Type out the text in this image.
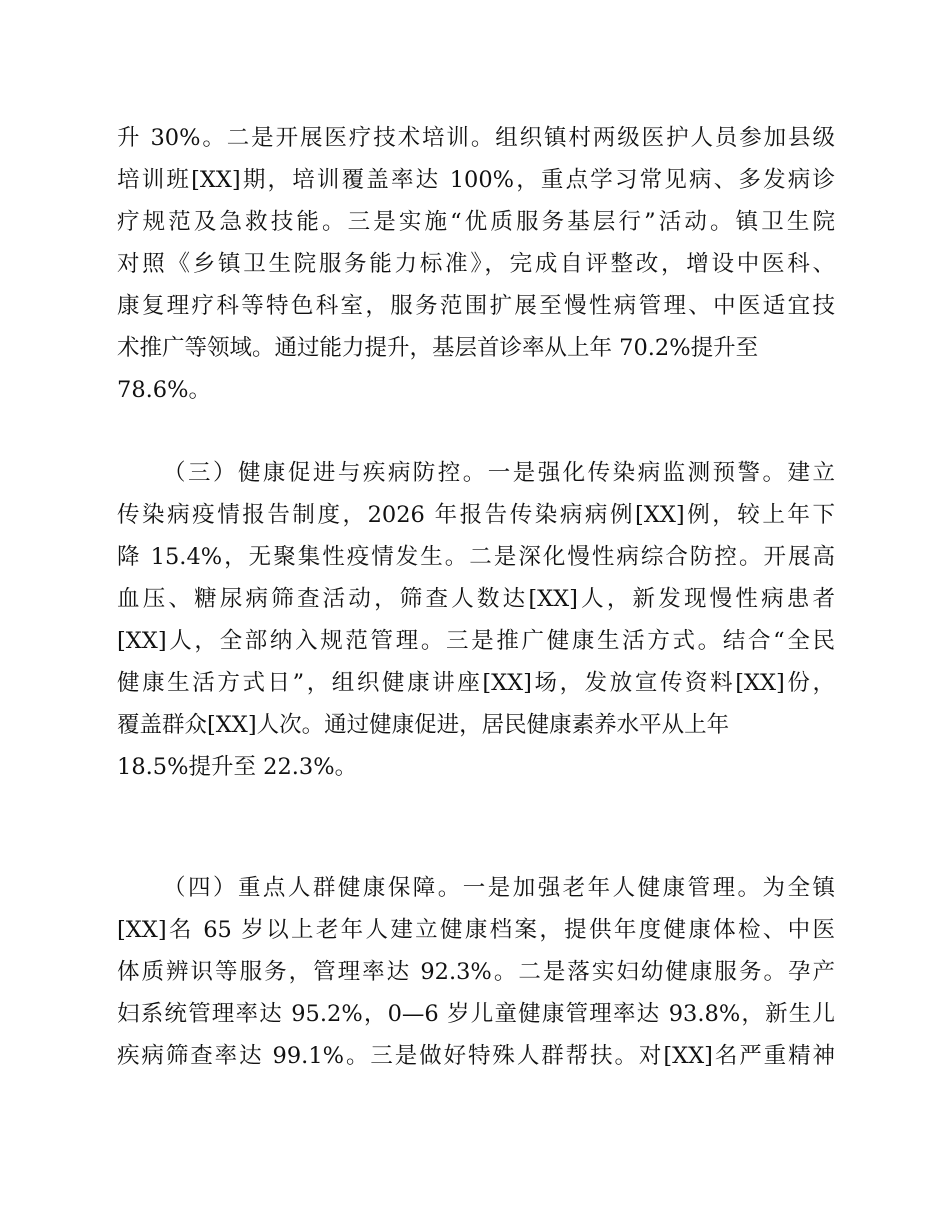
升 30%。二是开展医疗技术培训。组织镇村两级医护人员参加县级
培训班[XX]期，培训覆盖率达 100%，重点学习常见病、多发病诊
疗规范及急救技能。三是实施“优质服务基层行”活动。镇卫生院
对照《乡镇卫生院服务能力标准》，完成自评整改，增设中医科、
康复理疗科等特色科室，服务范围扩展至慢性病管理、中医适宜技
术推广等领域。通过能力提升，基层首诊率从上年 70.2%提升至
78.6%。
（三）健康促进与疾病防控。一是强化传染病监测预警。建立
传染病疫情报告制度，2026 年报告传染病病例[XX]例，较上年下
降 15.4%，无聚集性疫情发生。二是深化慢性病综合防控。开展高
血压、糖尿病筛查活动，筛查人数达[XX]人，新发现慢性病患者
[XX]人，全部纳入规范管理。三是推广健康生活方式。结合“全民
健康生活方式日”，组织健康讲座[XX]场，发放宣传资料[XX]份，
覆盖群众[XX]人次。通过健康促进，居民健康素养水平从上年
18.5%提升至 22.3%。
（四）重点人群健康保障。一是加强老年人健康管理。为全镇
[XX]名 65 岁以上老年人建立健康档案，提供年度健康体检、中医
体质辨识等服务，管理率达 92.3%。二是落实妇幼健康服务。孕产
妇系统管理率达 95.2%，0—6 岁儿童健康管理率达 93.8%，新生儿
疾病筛查率达 99.1%。三是做好特殊人群帮扶。对[XX]名严重精神
